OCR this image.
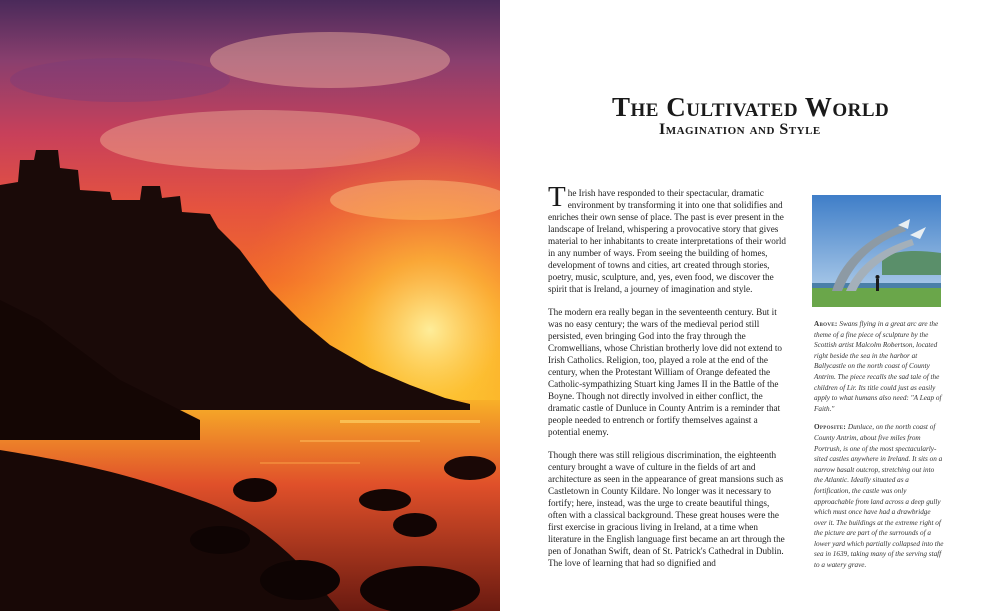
The Cultivated World
Imagination and Style

The Irish have responded to their spectacular, dramatic environment by transforming it into one that solidifies and enriches their own sense of place. The past is ever present in the landscape of Ireland, whispering a provocative story that gives material to her inhabitants to create interpretations of their world in any number of ways. From seeing the building of homes, development of towns and cities, art created through stories, poetry, music, sculpture, and, yes, even food, we discover the spirit that is Ireland, a journey of imagination and style.

The modern era really began in the seventeenth century. But it was no easy century; the wars of the medieval period still persisted, even bringing God into the fray through the Cromwellians, whose Christian brotherly love did not extend to Irish Catholics. Religion, too, played a role at the end of the century, when the Protestant William of Orange defeated the Catholic-sympathizing Stuart king James II in the Battle of the Boyne. Though not directly involved in either conflict, the dramatic castle of Dunluce in County Antrim is a reminder that people needed to entrench or fortify themselves against a potential enemy.

Though there was still religious discrimination, the eighteenth century brought a wave of culture in the fields of art and architecture as seen in the appearance of great mansions such as Castletown in County Kildare. No longer was it necessary to fortify; here, instead, was the urge to create beautiful things, often with a classical background. These great houses were the first exercise in gracious living in Ireland, at a time when literature in the English language first became an art through the pen of Jonathan Swift, dean of St. Patrick's Cathedral in Dublin. The love of learning that had so dignified and

Above: Swans flying in a great arc are the theme of a fine piece of sculpture by the Scottish artist Malcolm Robertson, located right beside the sea in the harbor at Ballycastle on the north coast of County Antrim. The piece recalls the sad tale of the children of Lir. Its title could just as easily apply to what humans also need: "A Leap of Faith."

Opposite: Dunluce, on the north coast of County Antrim, about five miles from Portrush, is one of the most spectacularly-sited castles anywhere in Ireland. It sits on a narrow basalt outcrop, stretching out into the Atlantic. Ideally situated as a fortification, the castle was only approachable from land across a deep gully which must once have had a drawbridge over it. The buildings at the extreme right of the picture are part of the surrounds of a lower yard which partially collapsed into the sea in 1639, taking many of the serving staff to a watery grave.
